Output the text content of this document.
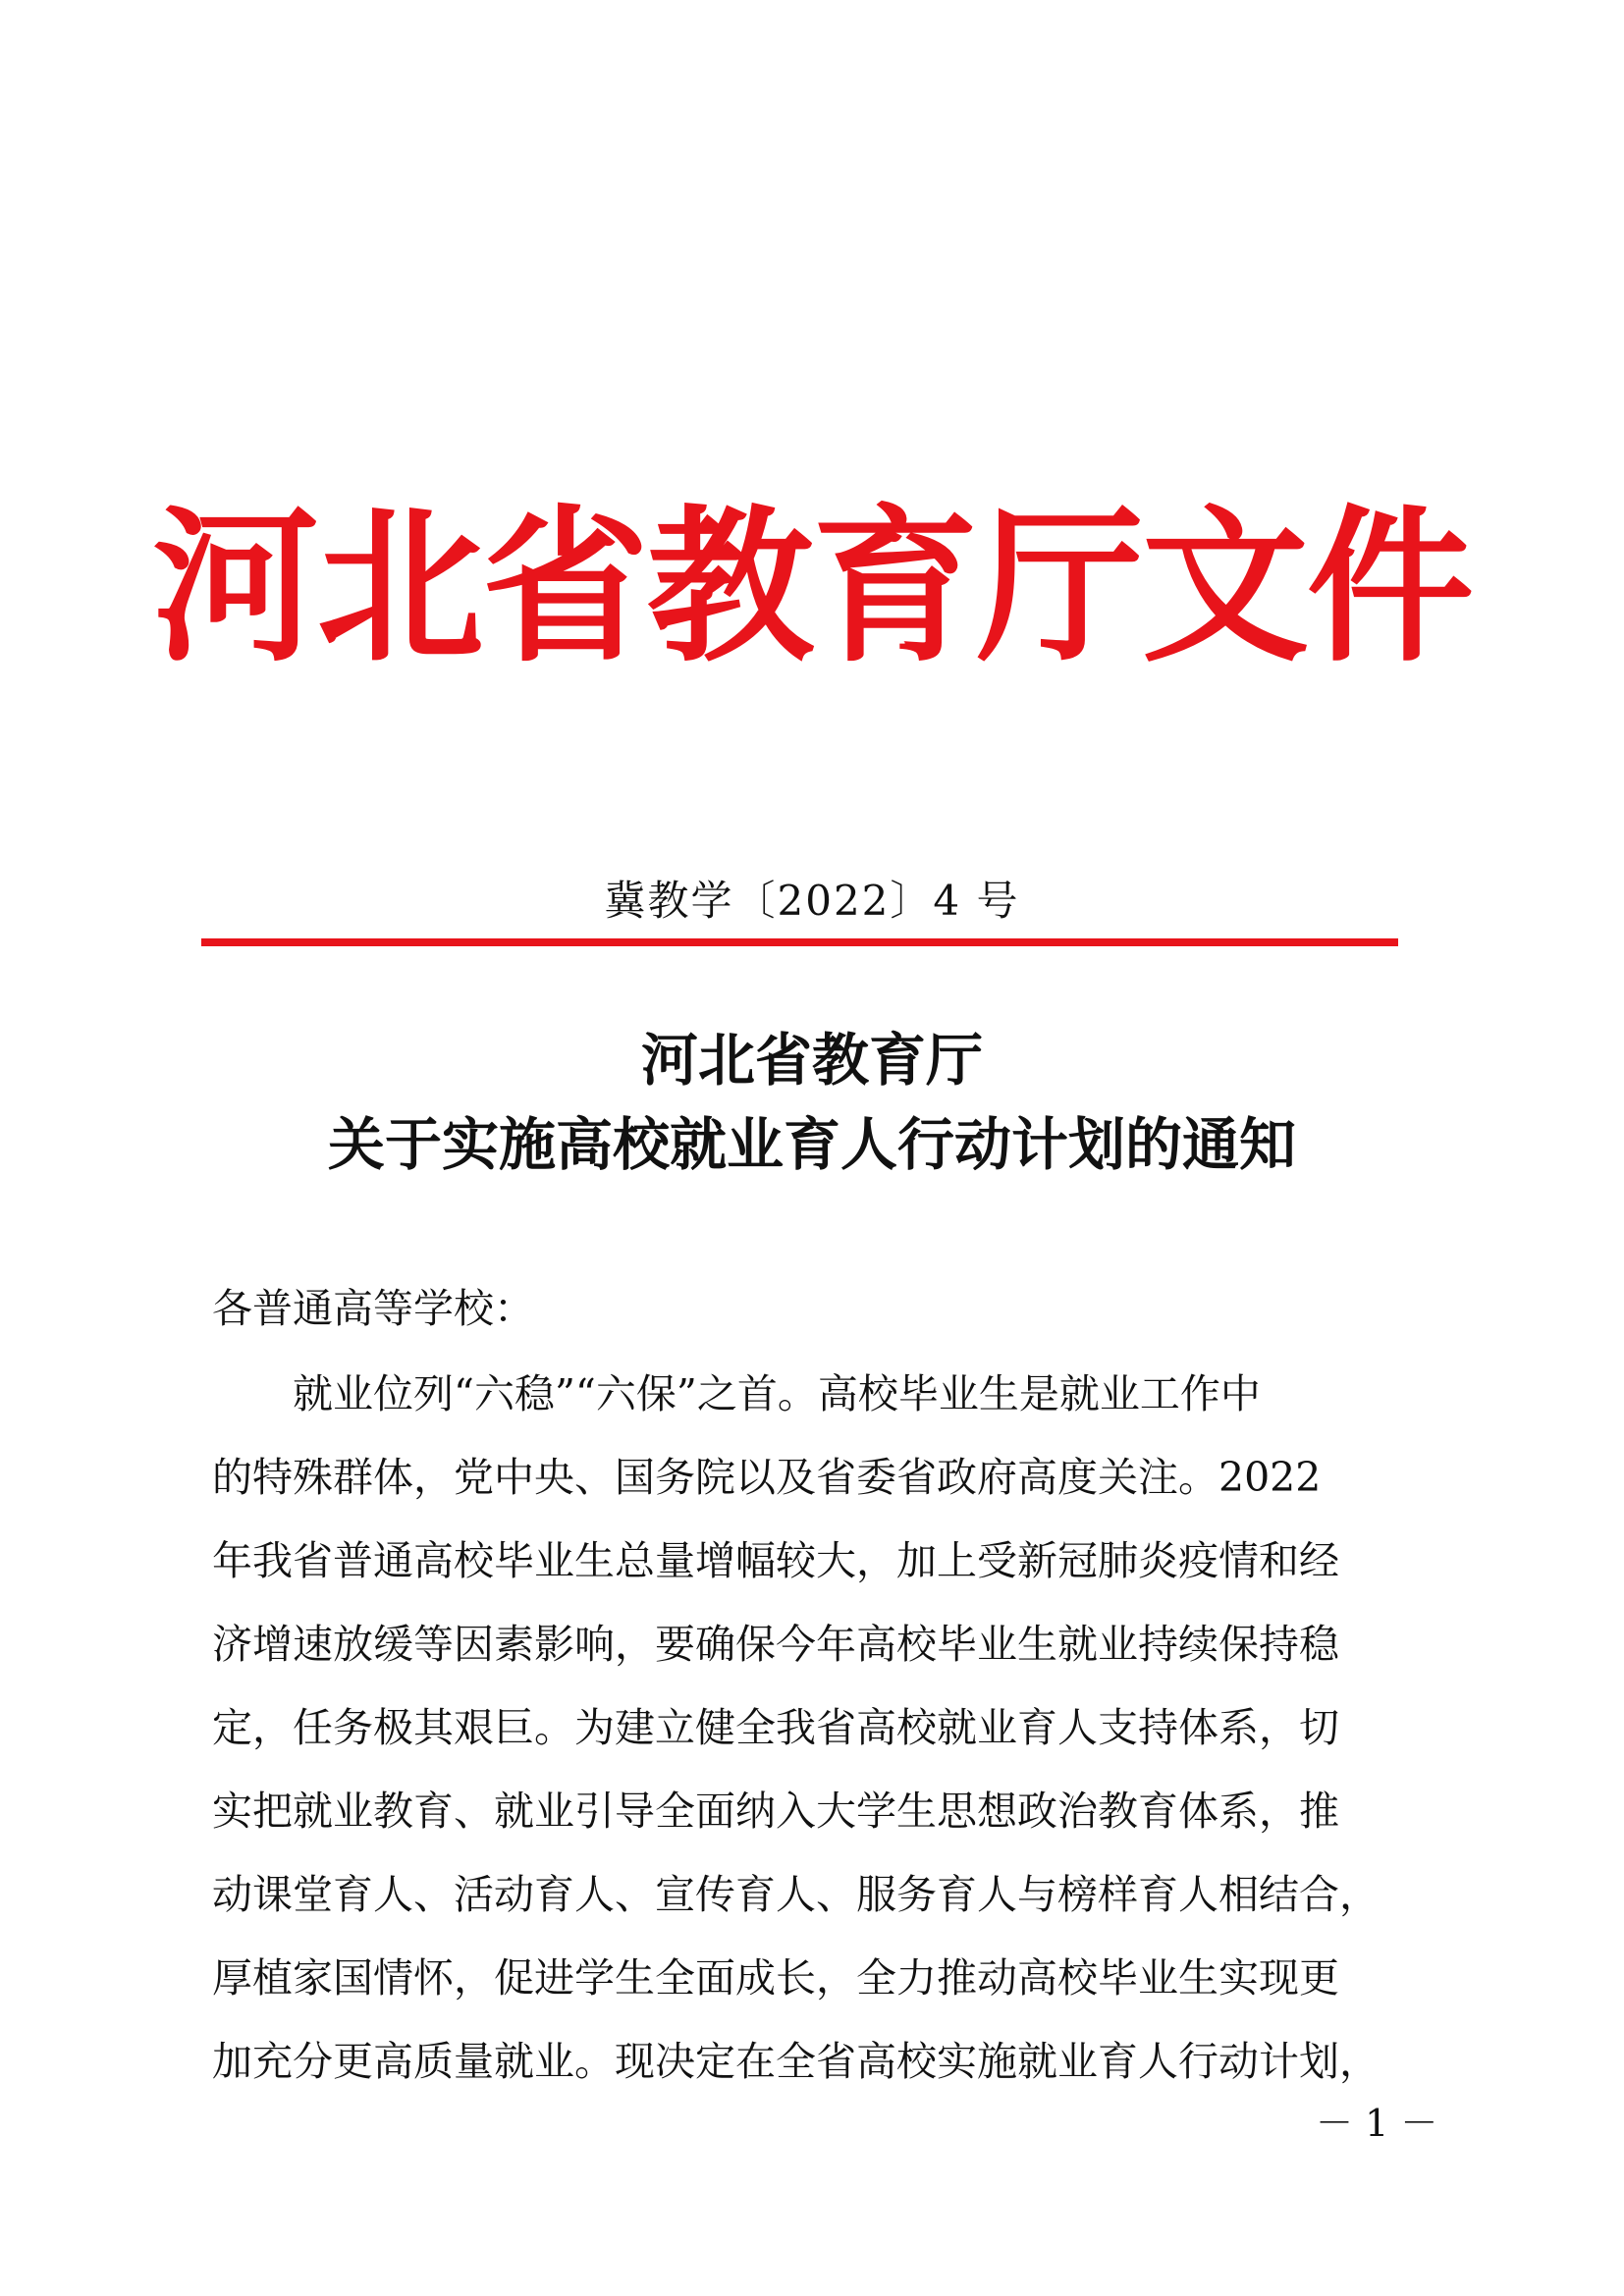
河北省教育厅文件
冀教学〔2022〕4 号
河北省教育厅
关于实施高校就业育人行动计划的通知
各普通高等学校：
就业位列“六稳”“六保”之首。高校毕业生是就业工作中
的特殊群体，党中央、国务院以及省委省政府高度关注。2022
年我省普通高校毕业生总量增幅较大，加上受新冠肺炎疫情和经
济增速放缓等因素影响，要确保今年高校毕业生就业持续保持稳
定，任务极其艰巨。为建立健全我省高校就业育人支持体系，切
实把就业教育、就业引导全面纳入大学生思想政治教育体系，推
动课堂育人、活动育人、宣传育人、服务育人与榜样育人相结合，
厚植家国情怀，促进学生全面成长，全力推动高校毕业生实现更
加充分更高质量就业。现决定在全省高校实施就业育人行动计划，
－ 1 －
